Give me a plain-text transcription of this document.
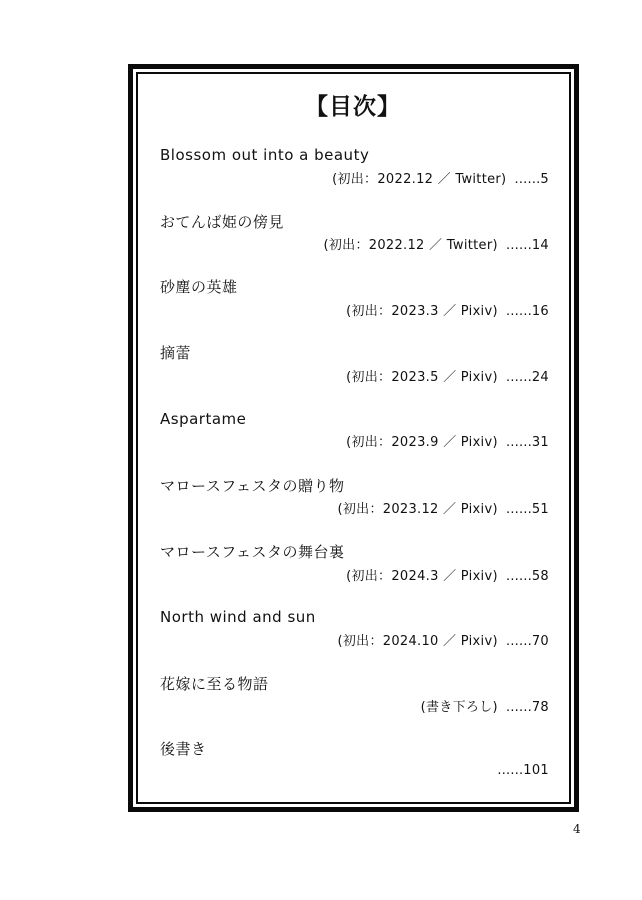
【目次】
Blossom out into a beauty
(初出：2022.12 ／ Twitter) ……5
おてんば姫の傍見
(初出：2022.12 ／ Twitter) ……14
砂塵の英雄
(初出：2023.3 ／ Pixiv) ……16
摘蕾
(初出：2023.5 ／ Pixiv) ……24
Aspartame
(初出：2023.9 ／ Pixiv) ……31
マロースフェスタの贈り物
(初出：2023.12 ／ Pixiv) ……51
マロースフェスタの舞台裏
(初出：2024.3 ／ Pixiv) ……58
North wind and sun
(初出：2024.10 ／ Pixiv) ……70
花嫁に至る物語
(書き下ろし) ……78
後書き
……101
4
